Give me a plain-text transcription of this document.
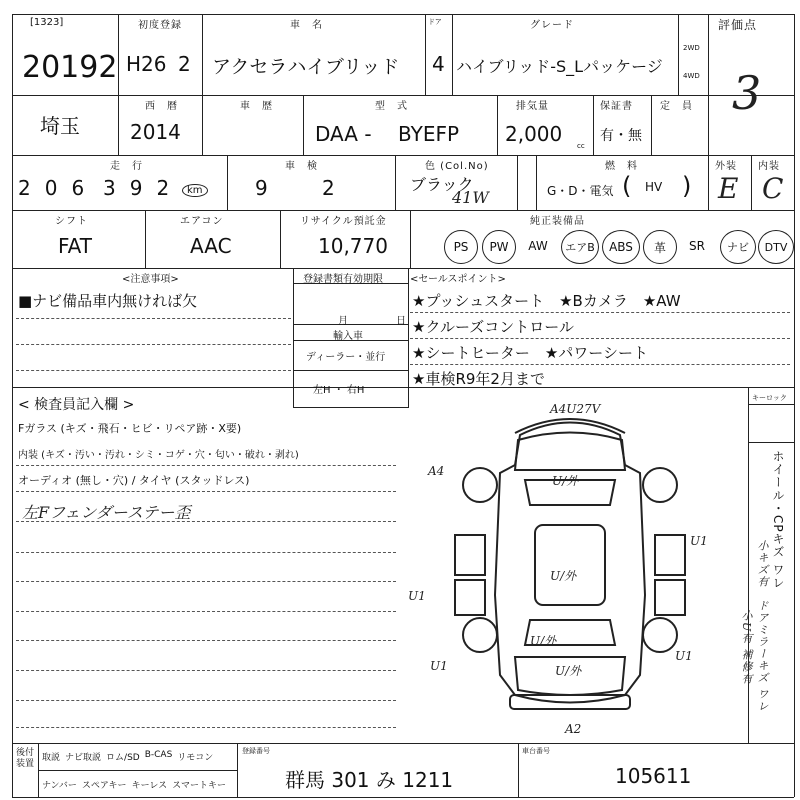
[1323]
20192
初度登録
H26 2
車　名
アクセラハイブリッド
ドア
4
グレード
ハイブリッド-S_Lパッケージ
2WD
4WD
評価点
3
埼玉
西　暦
2014
車　歴	型　式
DAA - BYEFP
排気量
2,000 cc
保証書
有・無
定　員
走　行
206 392 km
車　検
9	2
色 (Col.No)
ブラック
41W
燃　料
G・D・電気 ( HV )
外装
E
内装
C
シフト
FAT
エアコン
AAC
リサイクル預託金
10,770
純正装備品
PS	PW	AW	エアB	ABS	革	SR	ナビ	DTV
<注意事項>
■ナビ備品車内無ければ欠
登録書類有効期限
月	日
輸入車
ディーラー・並行
左H ・ 右H
<セールスポイント>
★プッシュスタート　★Bカメラ　★AW
★クルーズコントロール
★シートヒーター　★パワーシート
★車検R9年2月まで
< 検査員記入欄 >
Fガラス (キズ・飛石・ヒビ・リペア跡・X要)
内装 (キズ・汚い・汚れ・シミ・コゲ・穴・匂い・破れ・剥れ)
オーディオ (無し・穴) / タイヤ (スタッドレス)
左Fフェンダーステー歪
キーロック
ホイール・CPキズ ワレ
小キズ有　ドアミラーキズ ワレ
小U有 補修有
A4U27V
A4
U/外
U/外
U/外
U/外
U1
U1
U1
U1
A2
後付
装置
取説 ナビ取説 ロム/SD B-CAS リモコン
ナンバー スペアキー キーレス スマートキー
登録番号
群馬 301 み 1211
車台番号
105611
